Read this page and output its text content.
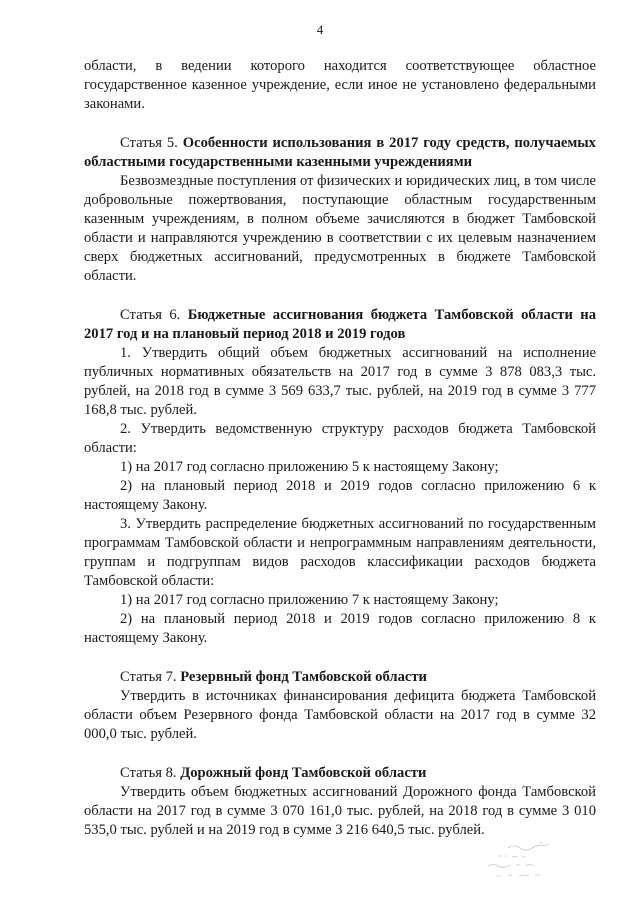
4

области, в ведении которого находится соответствующее областное государственное казенное учреждение, если иное не установлено федеральными законами.

Статья 5. Особенности использования в 2017 году средств, получаемых областными государственными казенными учреждениями

Безвозмездные поступления от физических и юридических лиц, в том числе добровольные пожертвования, поступающие областным государственным казенным учреждениям, в полном объеме зачисляются в бюджет Тамбовской области и направляются учреждению в соответствии с их целевым назначением сверх бюджетных ассигнований, предусмотренных в бюджете Тамбовской области.

Статья 6. Бюджетные ассигнования бюджета Тамбовской области на 2017 год и на плановый период 2018 и 2019 годов

1. Утвердить общий объем бюджетных ассигнований на исполнение публичных нормативных обязательств на 2017 год в сумме 3 878 083,3 тыс. рублей, на 2018 год в сумме 3 569 633,7 тыс. рублей, на 2019 год в сумме 3 777 168,8 тыс. рублей.

2. Утвердить ведомственную структуру расходов бюджета Тамбовской области:

1) на 2017 год согласно приложению 5 к настоящему Закону;

2) на плановый период 2018 и 2019 годов согласно приложению 6 к настоящему Закону.

3. Утвердить распределение бюджетных ассигнований по государственным программам Тамбовской области и непрограммным направлениям деятельности, группам и подгруппам видов расходов классификации расходов бюджета Тамбовской области:

1) на 2017 год согласно приложению 7 к настоящему Закону;

2) на плановый период 2018 и 2019 годов согласно приложению 8 к настоящему Закону.

Статья 7. Резервный фонд Тамбовской области

Утвердить в источниках финансирования дефицита бюджета Тамбовской области объем Резервного фонда Тамбовской области на 2017 год в сумме 32 000,0 тыс. рублей.

Статья 8. Дорожный фонд Тамбовской области

Утвердить объем бюджетных ассигнований Дорожного фонда Тамбовской области на 2017 год в сумме 3 070 161,0 тыс. рублей, на 2018 год в сумме 3 010 535,0 тыс. рублей и на 2019 год в сумме 3 216 640,5 тыс. рублей.
